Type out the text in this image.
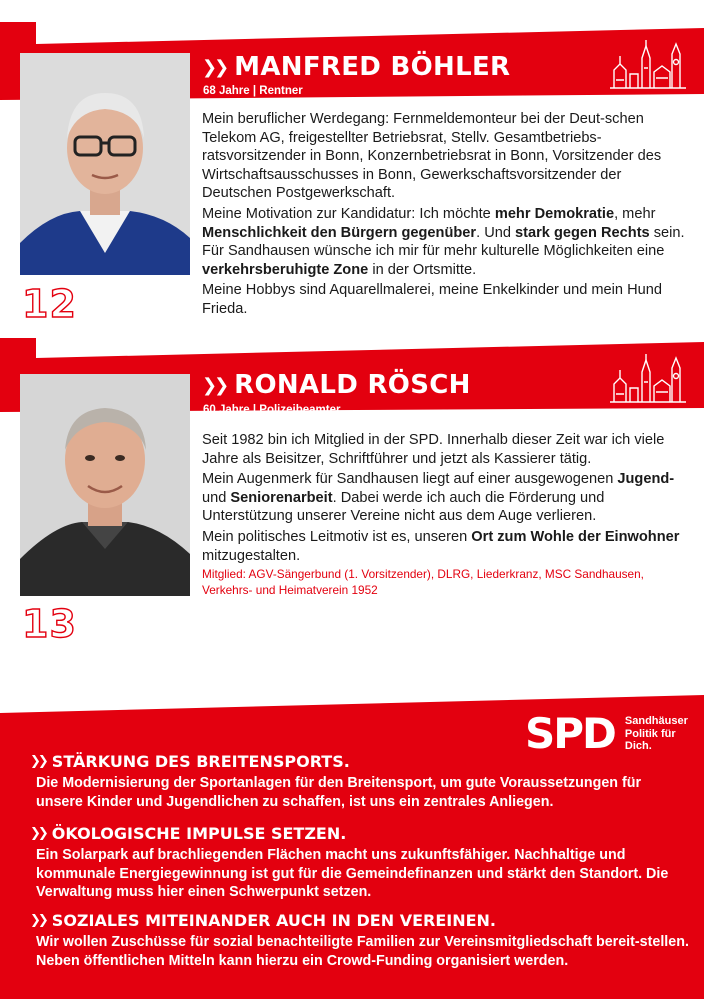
12
❯❯ MANFRED BÖHLER
68 Jahre | Rentner

Mein beruflicher Werdegang: Fernmeldemonteur bei der Deut-schen Telekom AG, freigestellter Betriebsrat, Stellv. Gesamtbetriebs-ratsvorsitzender in Bonn, Konzernbetriebsrat in Bonn, Vorsitzender des Wirtschaftsausschusses in Bonn, Gewerkschaftsvorsitzender der Deutschen Postgewerkschaft.

Meine Motivation zur Kandidatur: Ich möchte mehr Demokratie, mehr Menschlichkeit den Bürgern gegenüber. Und stark gegen Rechts sein. Für Sandhausen wünsche ich mir für mehr kulturelle Möglichkeiten eine verkehrsberuhigte Zone in der Ortsmitte.

Meine Hobbys sind Aquarellmalerei, meine Enkelkinder und mein Hund Frieda.

13
❯❯ RONALD RÖSCH
60 Jahre | Polizeibeamter

Seit 1982 bin ich Mitglied in der SPD. Innerhalb dieser Zeit war ich viele Jahre als Beisitzer, Schriftführer und jetzt als Kassierer tätig.

Mein Augenmerk für Sandhausen liegt auf einer ausgewogenen Jugend- und Seniorenarbeit. Dabei werde ich auch die Förderung und Unterstützung unserer Vereine nicht aus dem Auge verlieren.

Mein politisches Leitmotiv ist es, unseren Ort zum Wohle der Einwohner mitzugestalten.

Mitglied: AGV-Sängerbund (1. Vorsitzender), DLRG, Liederkranz, MSC Sandhausen, Verkehrs- und Heimatverein 1952

SPD Sandhäuser
Politik für
Dich.
❯❯ STÄRKUNG DES BREITENSPORTS.
Die Modernisierung der Sportanlagen für den Breitensport, um gute Voraussetzungen für unsere Kinder und Jugendlichen zu schaffen, ist uns ein zentrales Anliegen.
❯❯ ÖKOLOGISCHE IMPULSE SETZEN.
Ein Solarpark auf brachliegenden Flächen macht uns zukunftsfähiger. Nachhaltige und kommunale Energiegewinnung ist gut für die Gemeindefinanzen und stärkt den Standort. Die Verwaltung muss hier einen Schwerpunkt setzen.
❯❯ SOZIALES MITEINANDER AUCH IN DEN VEREINEN.
Wir wollen Zuschüsse für sozial benachteiligte Familien zur Vereinsmitgliedschaft bereit-stellen. Neben öffentlichen Mitteln kann hierzu ein Crowd-Funding organisiert werden.
